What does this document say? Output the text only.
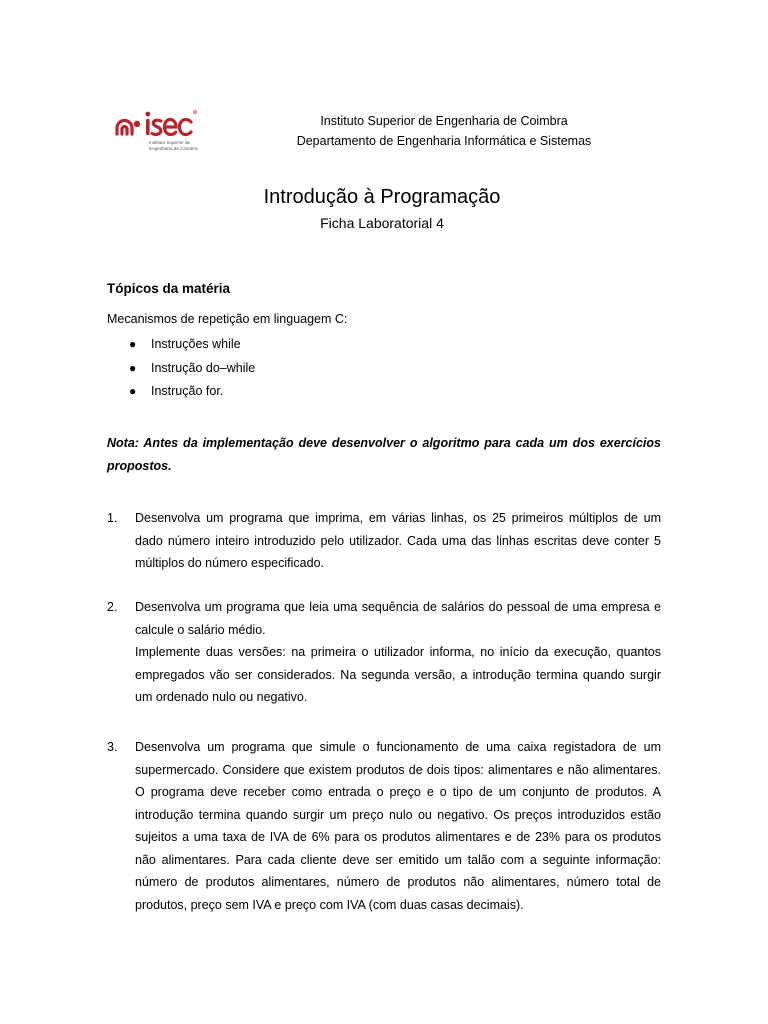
Instituto Superior de
Engenharia de Coimbra
Instituto Superior de Engenharia de Coimbra
Departamento de Engenharia Informática e Sistemas
Introdução à Programação
Ficha Laboratorial 4
Tópicos da matéria
Mecanismos de repetição em linguagem C:
● Instruções while
● Instrução do–while
● Instrução for.
Nota: Antes da implementação deve desenvolver o algoritmo para cada um dos exercícios propostos.
1. Desenvolva um programa que imprima, em várias linhas, os 25 primeiros múltiplos de um dado número inteiro introduzido pelo utilizador. Cada uma das linhas escritas deve conter 5 múltiplos do número especificado.

2. Desenvolva um programa que leia uma sequência de salários do pessoal de uma empresa e calcule o salário médio.

Implemente duas versões: na primeira o utilizador informa, no início da execução, quantos empregados vão ser considerados. Na segunda versão, a introdução termina quando surgir um ordenado nulo ou negativo.

3. Desenvolva um programa que simule o funcionamento de uma caixa registadora de um supermercado. Considere que existem produtos de dois tipos: alimentares e não alimentares. O programa deve receber como entrada o preço e o tipo de um conjunto de produtos. A introdução termina quando surgir um preço nulo ou negativo. Os preços introduzidos estão sujeitos a uma taxa de IVA de 6% para os produtos alimentares e de 23% para os produtos não alimentares. Para cada cliente deve ser emitido um talão com a seguinte informação: número de produtos alimentares, número de produtos não alimentares, número total de produtos, preço sem IVA e preço com IVA (com duas casas decimais).
